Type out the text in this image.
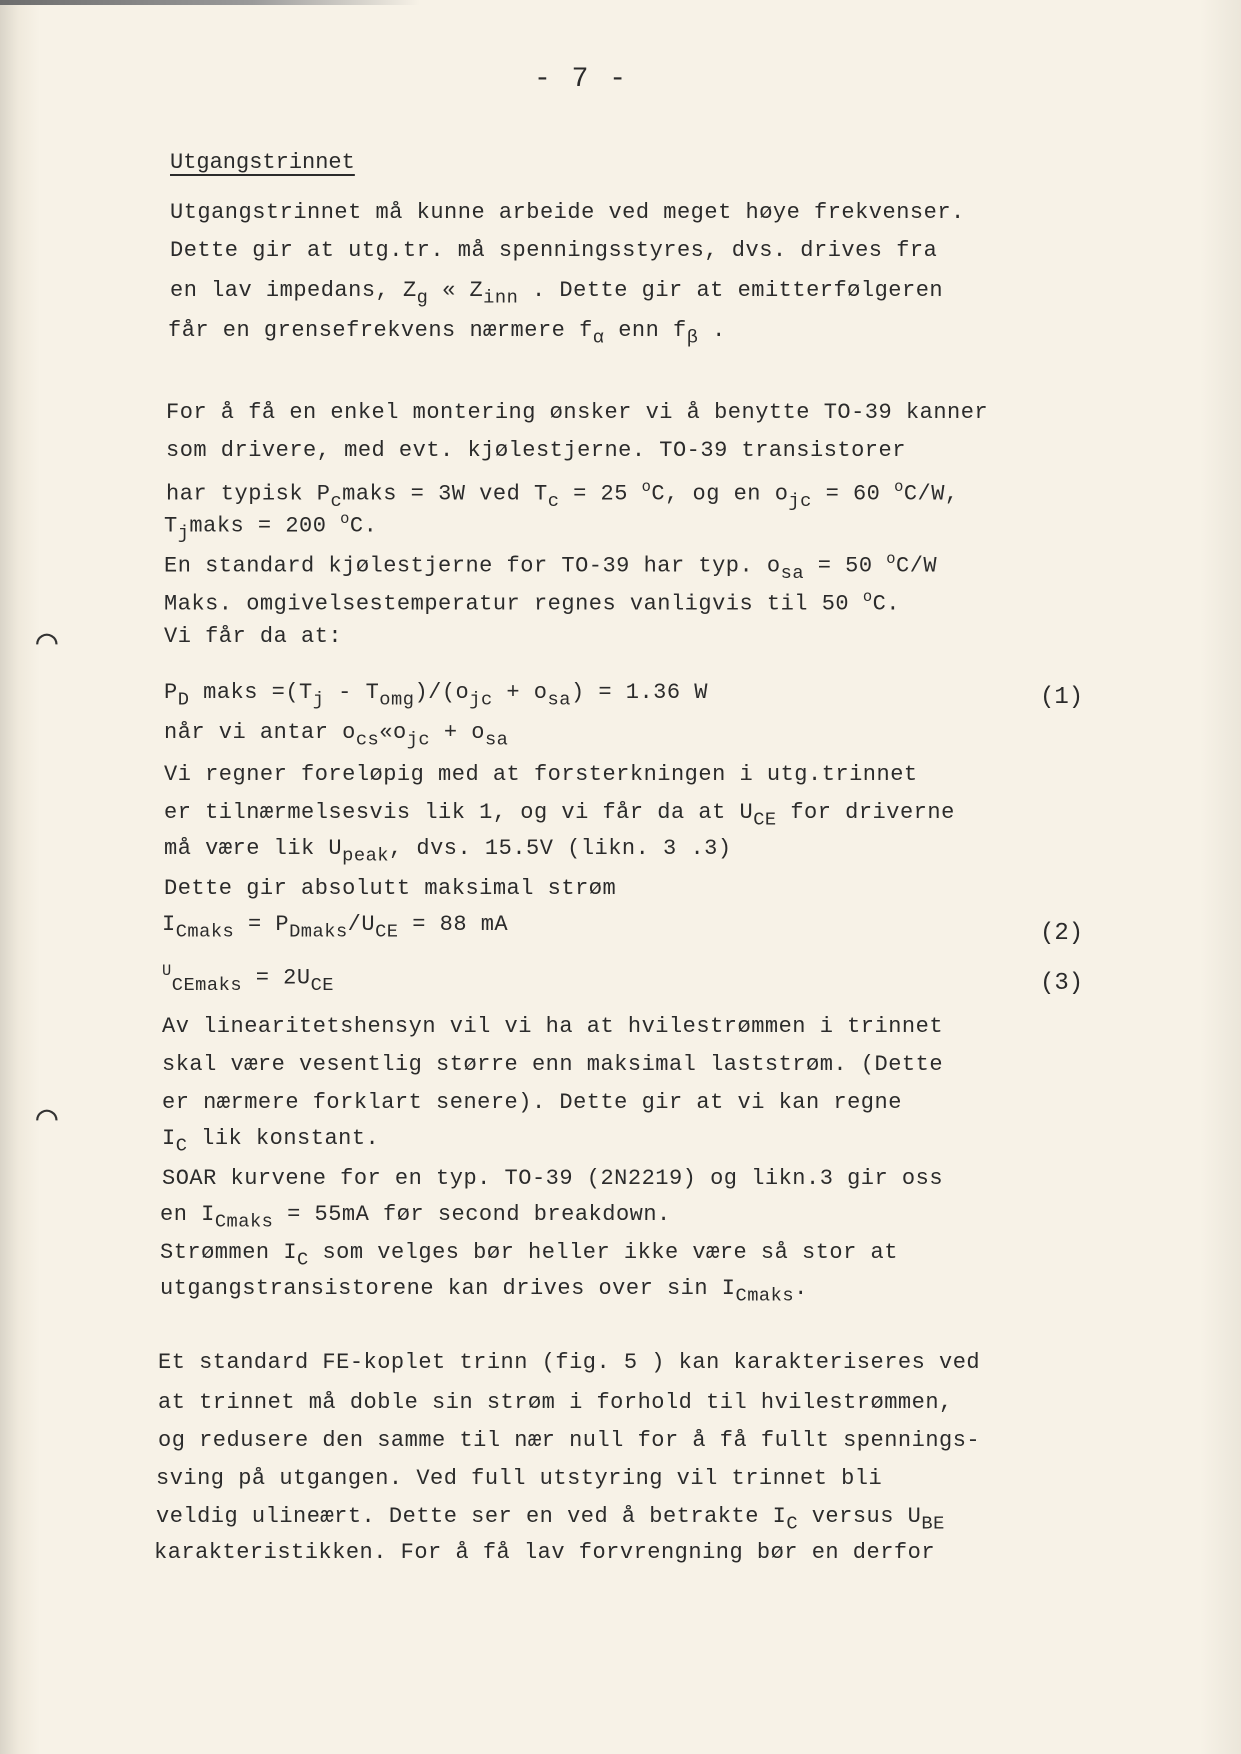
- 7 -
Utgangstrinnet
Utgangstrinnet må kunne arbeide ved meget høye frekvenser.
Dette gir at utg.tr. må spenningsstyres, dvs. drives fra
en lav impedans, $Z_g$ « $Z_{inn}$ . Dette gir at emitterfølgeren
får en grensefrekvens nærmere $f_\alpha$ enn $f_\beta$ .
For å få en enkel montering ønsker vi å benytte TO-39 kanner
som drivere, med evt. kjølestjerne. TO-39 transistorer
har typisk $P_cmaks = 3W$ ved $T_c = 25$ $^o$C, og en $o_{jc} = 60$ $^o$C/W,
$T_jmaks = 200$ $^o$C.
En standard kjølestjerne for TO-39 har typ. $o_{sa} = 50$ $^o$C/W
Maks. omgivelsestemperatur regnes vanligvis til 50 $^o$C.
Vi får da at:
$P_D$ maks $=(T_j - T_{omg})/(o_{jc} + o_{sa}) = 1.36$ W	(1)
når vi antar $o_{cs}«o_{jc} + o_{sa}$
Vi regner foreløpig med at forsterkningen i utg.trinnet
er tilnærmelsesvis lik 1, og vi får da at $U_{CE}$ for driverne
må være lik $U_{peak}$, dvs. 15.5V (likn. 3 .3)
Dette gir absolutt maksimal strøm
$I_{Cmaks} = P_{Dmaks}/U_{CE} = 88$ mA	(2)
$^U_{CEmaks} = 2U_{CE}$	(3)
Av linearitetshensyn vil vi ha at hvilestrømmen i trinnet
skal være vesentlig større enn maksimal laststrøm. (Dette
er nærmere forklart senere). Dette gir at vi kan regne
$I_C$ lik konstant.
SOAR kurvene for en typ. TO-39 (2N2219) og likn.3 gir oss
en $I_{Cmaks} = 55mA$ før second breakdown.
Strømmen $I_C$ som velges bør heller ikke være så stor at
utgangstransistorene kan drives over $\sin I_{Cmaks}$.
Et standard FE-koplet trinn (fig. 5 ) kan karakteriseres ved
at trinnet må doble sin strøm i forhold til hvilestrømmen,
og redusere den samme til nær null for å få fullt spennings-
sving på utgangen. Ved full utstyring vil trinnet bli
veldig ulineært. Dette ser en ved å betrakte $I_C$ versus $U_{BE}$
karakteristikken. For å få lav forvrengning bør en derfor
⌒
⌒
